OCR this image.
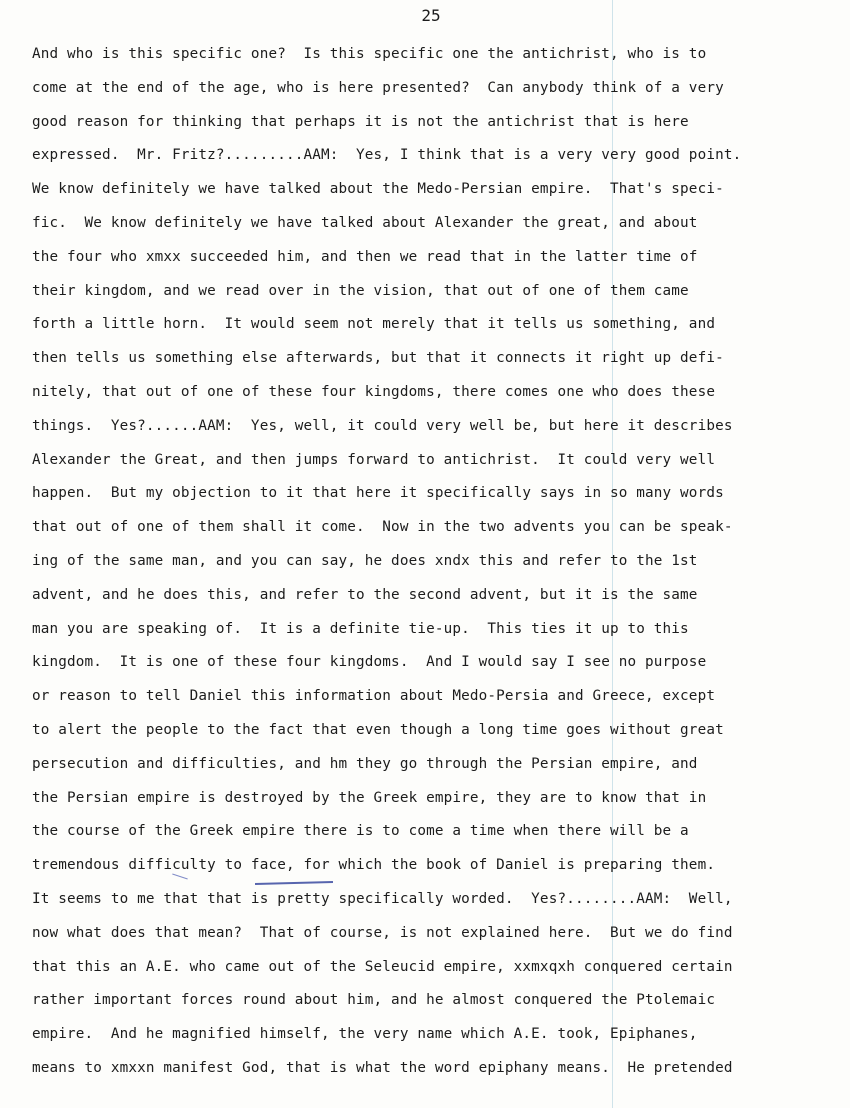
25
And who is this specific one?  Is this specific one the antichrist, who is to
come at the end of the age, who is here presented?  Can anybody think of a very
good reason for thinking that perhaps it is not the antichrist that is here
expressed.  Mr. Fritz?.........AAM:  Yes, I think that is a very very good point.
We know definitely we have talked about the Medo-Persian empire.  That's speci-
fic.  We know definitely we have talked about Alexander the great, and about
the four who xmxx succeeded him, and then we read that in the latter time of
their kingdom, and we read over in the vision, that out of one of them came
forth a little horn.  It would seem not merely that it tells us something, and
then tells us something else afterwards, but that it connects it right up defi-
nitely, that out of one of these four kingdoms, there comes one who does these
things.  Yes?......AAM:  Yes, well, it could very well be, but here it describes
Alexander the Great, and then jumps forward to antichrist.  It could very well
happen.  But my objection to it that here it specifically says in so many words
that out of one of them shall it come.  Now in the two advents you can be speak-
ing of the same man, and you can say, he does xndx this and refer to the 1st
advent, and he does this, and refer to the second advent, but it is the same
man you are speaking of.  It is a definite tie-up.  This ties it up to this
kingdom.  It is one of these four kingdoms.  And I would say I see no purpose
or reason to tell Daniel this information about Medo-Persia and Greece, except
to alert the people to the fact that even though a long time goes without great
persecution and difficulties, and hm they go through the Persian empire, and
the Persian empire is destroyed by the Greek empire, they are to know that in
the course of the Greek empire there is to come a time when there will be a
tremendous difficulty to face, for which the book of Daniel is preparing them.
It seems to me that that is pretty specifically worded.  Yes?........AAM:  Well,
now what does that mean?  That of course, is not explained here.  But we do find
that this an A.E. who came out of the Seleucid empire, xxmxqxh conquered certain
rather important forces round about him, and he almost conquered the Ptolemaic
empire.  And he magnified himself, the very name which A.E. took, Epiphanes,
means to xmxxn manifest God, that is what the word epiphany means.  He pretended
